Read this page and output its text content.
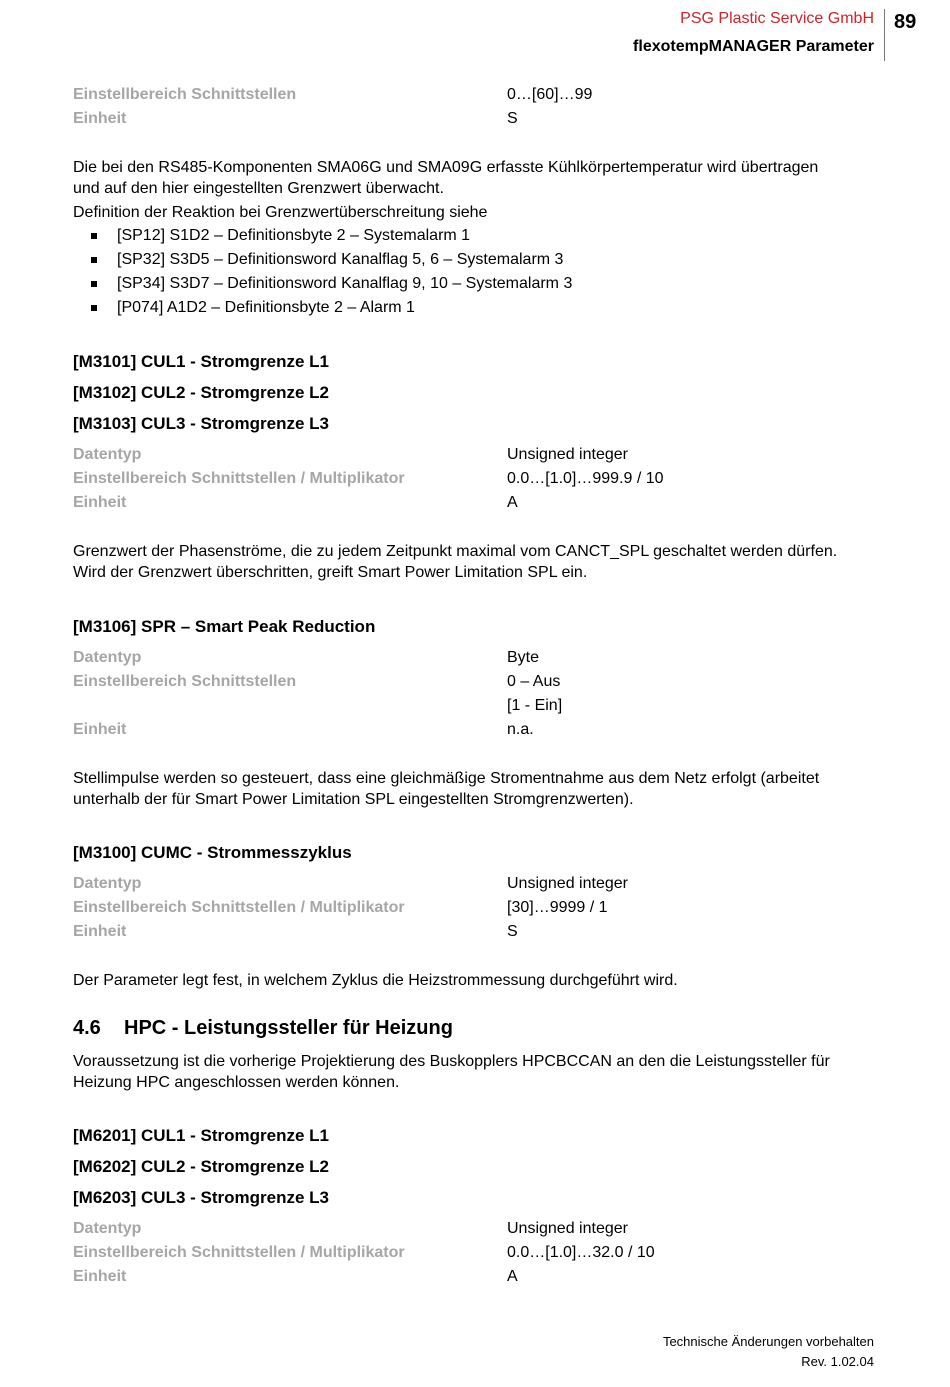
PSG Plastic Service GmbH
flexotempMANAGER Parameter
89
Einstellbereich Schnittstellen	0…[60]…99
Einheit	S
Die bei den RS485-Komponenten SMA06G und SMA09G erfasste Kühlkörpertemperatur wird übertragen
und auf den hier eingestellten Grenzwert überwacht.
Definition der Reaktion bei Grenzwertüberschreitung siehe
[SP12] S1D2 – Definitionsbyte 2 – Systemalarm 1
[SP32] S3D5 – Definitionsword Kanalflag 5, 6 – Systemalarm 3
[SP34] S3D7 – Definitionsword Kanalflag 9, 10 – Systemalarm 3
[P074] A1D2 – Definitionsbyte 2 – Alarm 1
[M3101] CUL1 - Stromgrenze L1
[M3102] CUL2 - Stromgrenze L2
[M3103] CUL3 - Stromgrenze L3
Datentyp	Unsigned integer
Einstellbereich Schnittstellen / Multiplikator	0.0…[1.0]…999.9 / 10
Einheit	A
Grenzwert der Phasenströme, die zu jedem Zeitpunkt maximal vom CANCT_SPL geschaltet werden dürfen.
Wird der Grenzwert überschritten, greift Smart Power Limitation SPL ein.
[M3106] SPR – Smart Peak Reduction
Datentyp	Byte
Einstellbereich Schnittstellen	0 – Aus
[1 - Ein]
Einheit	n.a.
Stellimpulse werden so gesteuert, dass eine gleichmäßige Stromentnahme aus dem Netz erfolgt (arbeitet
unterhalb der für Smart Power Limitation SPL eingestellten Stromgrenzwerten).
[M3100] CUMC - Strommesszyklus
Datentyp	Unsigned integer
Einstellbereich Schnittstellen / Multiplikator	[30]…9999 / 1
Einheit	S
Der Parameter legt fest, in welchem Zyklus die Heizstrommessung durchgeführt wird.
4.6 HPC - Leistungssteller für Heizung
Voraussetzung ist die vorherige Projektierung des Buskopplers HPCBCCAN an den die Leistungssteller für
Heizung HPC angeschlossen werden können.
[M6201] CUL1 - Stromgrenze L1
[M6202] CUL2 - Stromgrenze L2
[M6203] CUL3 - Stromgrenze L3
Datentyp	Unsigned integer
Einstellbereich Schnittstellen / Multiplikator	0.0…[1.0]…32.0 / 10
Einheit	A
Technische Änderungen vorbehalten
Rev. 1.02.04
